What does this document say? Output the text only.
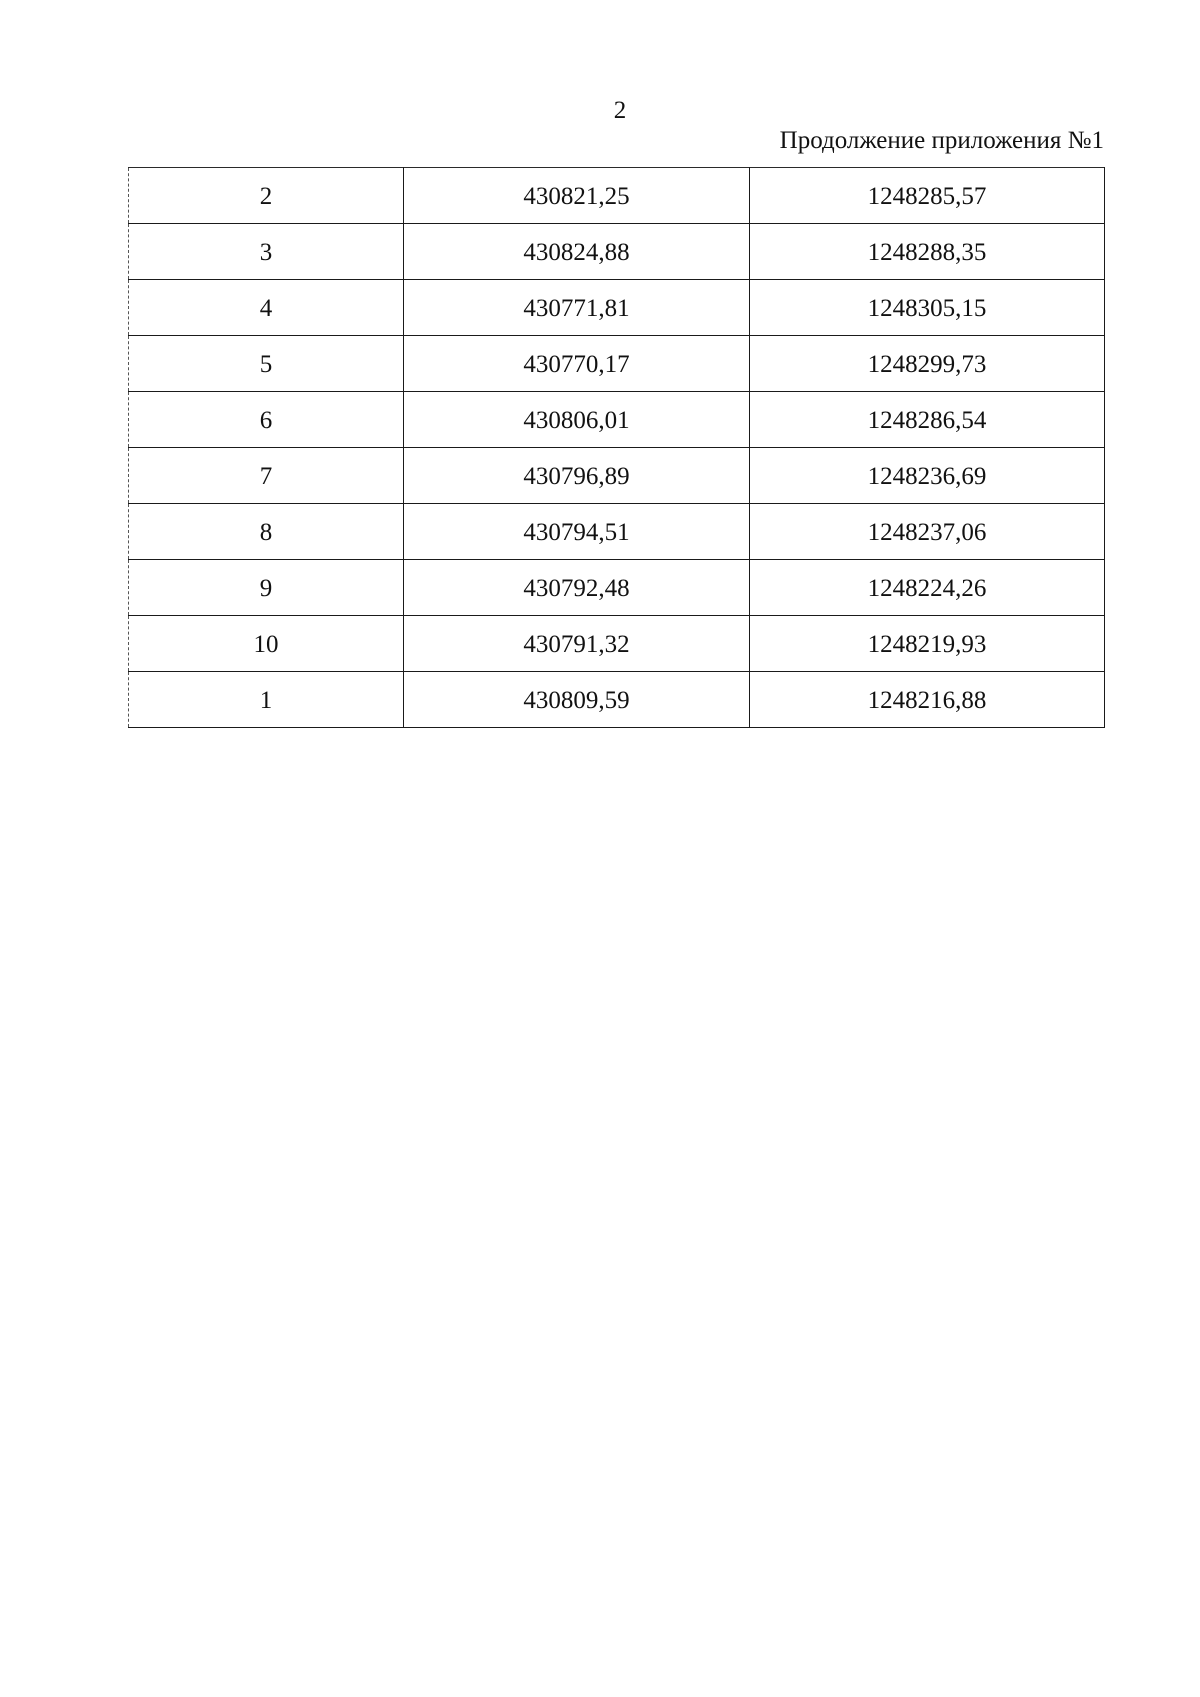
2
Продолжение приложения №1
2	430821,25	1248285,57
3	430824,88	1248288,35
4	430771,81	1248305,15
5	430770,17	1248299,73
6	430806,01	1248286,54
7	430796,89	1248236,69
8	430794,51	1248237,06
9	430792,48	1248224,26
10	430791,32	1248219,93
1	430809,59	1248216,88
